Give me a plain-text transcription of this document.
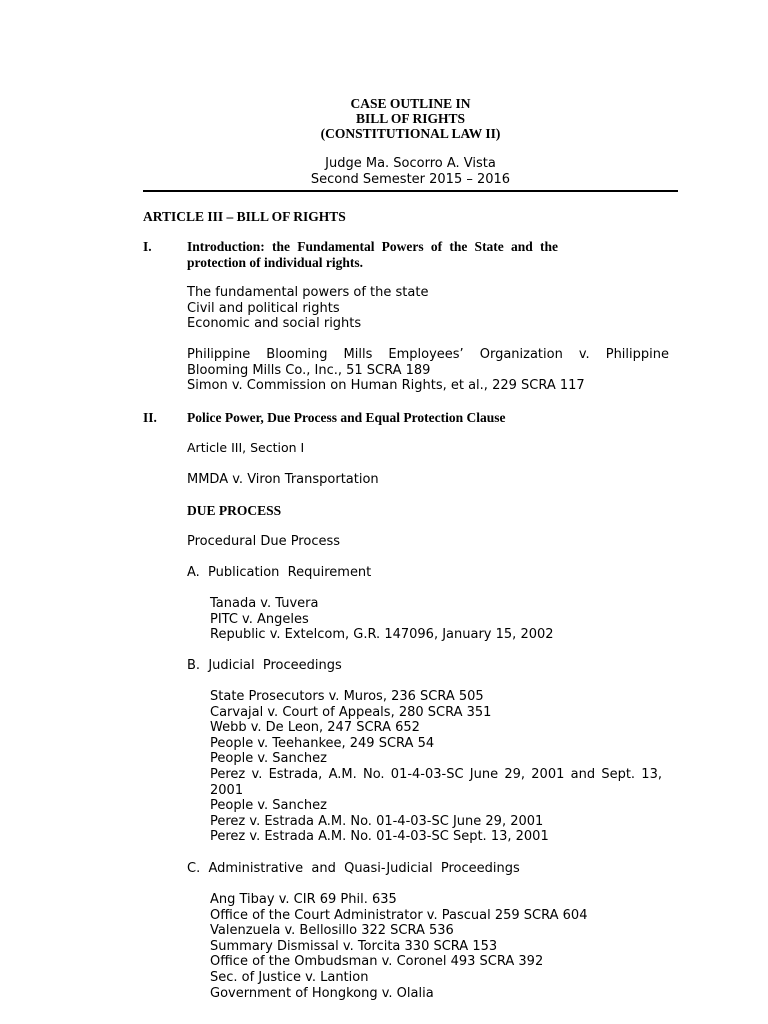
CASE OUTLINE IN
BILL OF RIGHTS
(CONSTITUTIONAL LAW II)
Judge Ma. Socorro A. Vista
Second Semester 2015 – 2016
ARTICLE III – BILL OF RIGHTS
I.	Introduction: the Fundamental Powers of the State and the
protection of individual rights.
The fundamental powers of the state
Civil and political rights
Economic and social rights
Philippine Blooming Mills Employees’ Organization v. Philippine
Blooming Mills Co., Inc., 51 SCRA 189
Simon v. Commission on Human Rights, et al., 229 SCRA 117
II. Police Power, Due Process and Equal Protection Clause
Article III, Section I
MMDA v. Viron Transportation
DUE PROCESS
Procedural Due Process
A.  Publication  Requirement
Tanada v. Tuvera
PITC v. Angeles
Republic v. Extelcom, G.R. 147096, January 15, 2002
B.  Judicial  Proceedings
State Prosecutors v. Muros, 236 SCRA 505
Carvajal v. Court of Appeals, 280 SCRA 351
Webb v. De Leon, 247 SCRA 652
People v. Teehankee, 249 SCRA 54
People v. Sanchez
Perez v. Estrada, A.M. No. 01-4-03-SC June 29, 2001 and Sept. 13,
2001
People v. Sanchez
Perez v. Estrada A.M. No. 01-4-03-SC June 29, 2001
Perez v. Estrada A.M. No. 01-4-03-SC Sept. 13, 2001
C.  Administrative  and  Quasi-Judicial  Proceedings
Ang Tibay v. CIR 69 Phil. 635
Office of the Court Administrator v. Pascual 259 SCRA 604
Valenzuela v. Bellosillo 322 SCRA 536
Summary Dismissal v. Torcita 330 SCRA 153
Office of the Ombudsman v. Coronel 493 SCRA 392
Sec. of Justice v. Lantion
Government of Hongkong v. Olalia
